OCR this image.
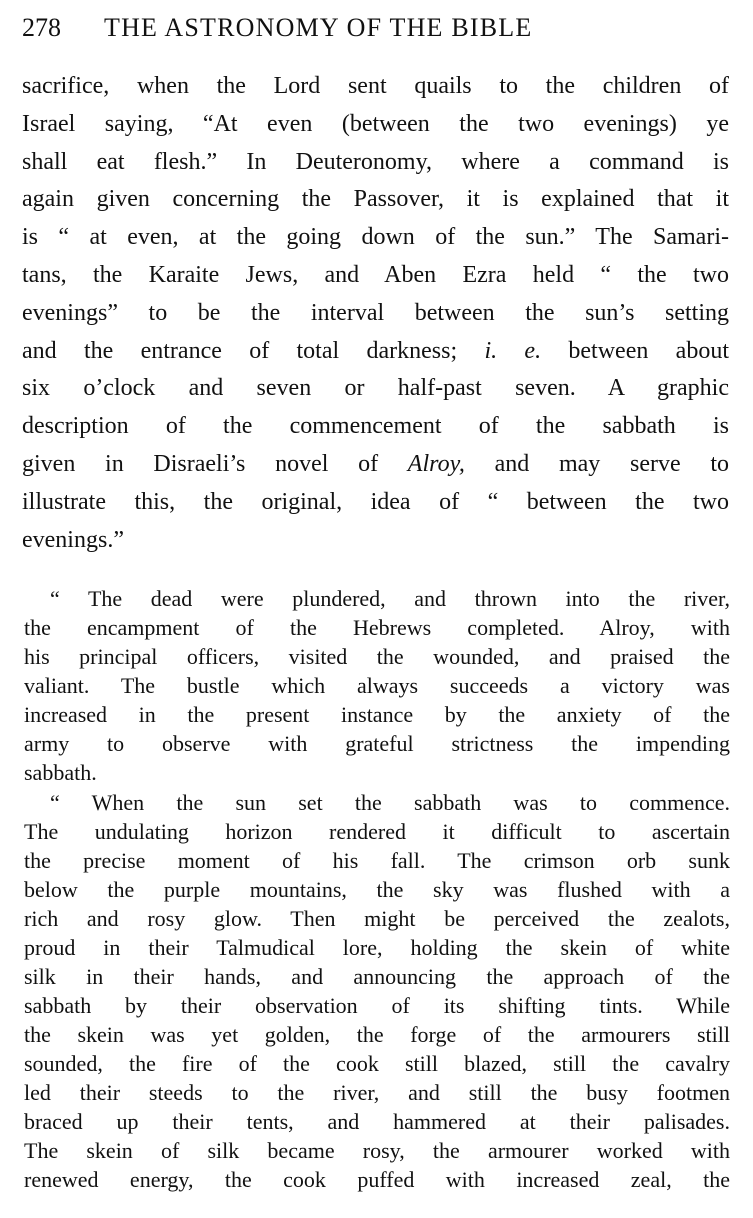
278 THE ASTRONOMY OF THE BIBLE
sacrifice, when the Lord sent quails to the children of
Israel saying, “At even (between the two evenings) ye
shall eat flesh.” In Deuteronomy, where a command is
again given concerning the Passover, it is explained that it
is “ at even, at the going down of the sun.” The Samari-
tans, the Karaite Jews, and Aben Ezra held “ the two
evenings” to be the interval between the sun’s setting
and the entrance of total darkness; i. e. between about
six o’clock and seven or half-past seven. A graphic
description of the commencement of the sabbath is
given in Disraeli’s novel of Alroy, and may serve to
illustrate this, the original, idea of “ between the two
evenings.”
“ The dead were plundered, and thrown into the river,
the encampment of the Hebrews completed. Alroy, with
his principal officers, visited the wounded, and praised the
valiant. The bustle which always succeeds a victory was
increased in the present instance by the anxiety of the
army to observe with grateful strictness the impending
sabbath.
“ When the sun set the sabbath was to commence.
The undulating horizon rendered it difficult to ascertain
the precise moment of his fall. The crimson orb sunk
below the purple mountains, the sky was flushed with a
rich and rosy glow. Then might be perceived the zealots,
proud in their Talmudical lore, holding the skein of white
silk in their hands, and announcing the approach of the
sabbath by their observation of its shifting tints. While
the skein was yet golden, the forge of the armourers still
sounded, the fire of the cook still blazed, still the cavalry
led their steeds to the river, and still the busy footmen
braced up their tents, and hammered at their palisades.
The skein of silk became rosy, the armourer worked with
renewed energy, the cook puffed with increased zeal, the
